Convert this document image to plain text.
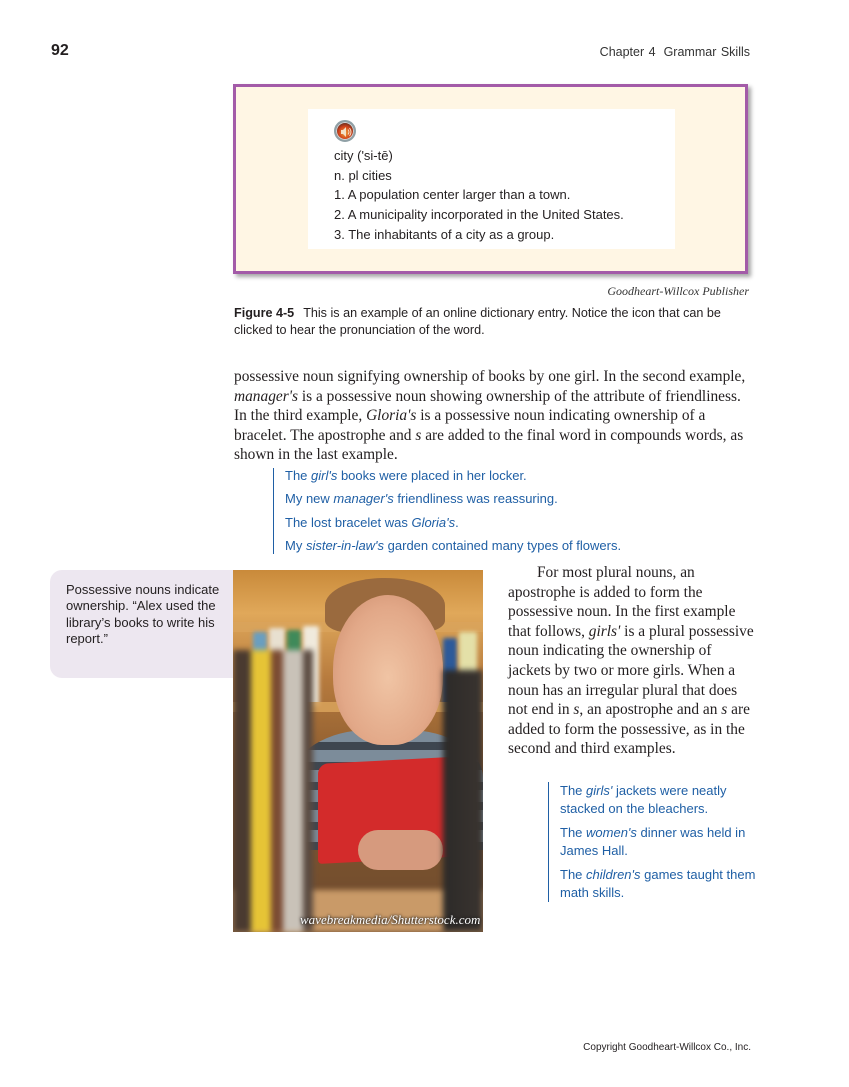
92	Chapter 4 Grammar Skills
city ('si-tē)
n. pl cities
1. A population center larger than a town.
2. A municipality incorporated in the United States.
3. The inhabitants of a city as a group.
Goodheart-Willcox Publisher
Figure 4-5 This is an example of an online dictionary entry. Notice the icon that can be clicked to hear the pronunciation of the word.
possessive noun signifying ownership of books by one girl. In the second example, manager's is a possessive noun showing ownership of the attribute of friendliness. In the third example, Gloria's is a possessive noun indicating ownership of a bracelet. The apostrophe and s are added to the final word in compounds words, as shown in the last example.
The girl's books were placed in her locker.
My new manager's friendliness was reassuring.
The lost bracelet was Gloria's.
My sister-in-law's garden contained many types of flowers.
Possessive nouns indicate ownership. “Alex used the library’s books to write his report.”
wavebreakmedia/Shutterstock.com
For most plural nouns, an apostrophe is added to form the possessive noun. In the first example that follows, girls' is a plural possessive noun indicating the ownership of jackets by two or more girls. When a noun has an irregular plural that does not end in s, an apostrophe and an s are added to form the possessive, as in the second and third examples.
The girls' jackets were neatly stacked on the bleachers.
The women's dinner was held in James Hall.
The children's games taught them math skills.
Copyright Goodheart-Willcox Co., Inc.
